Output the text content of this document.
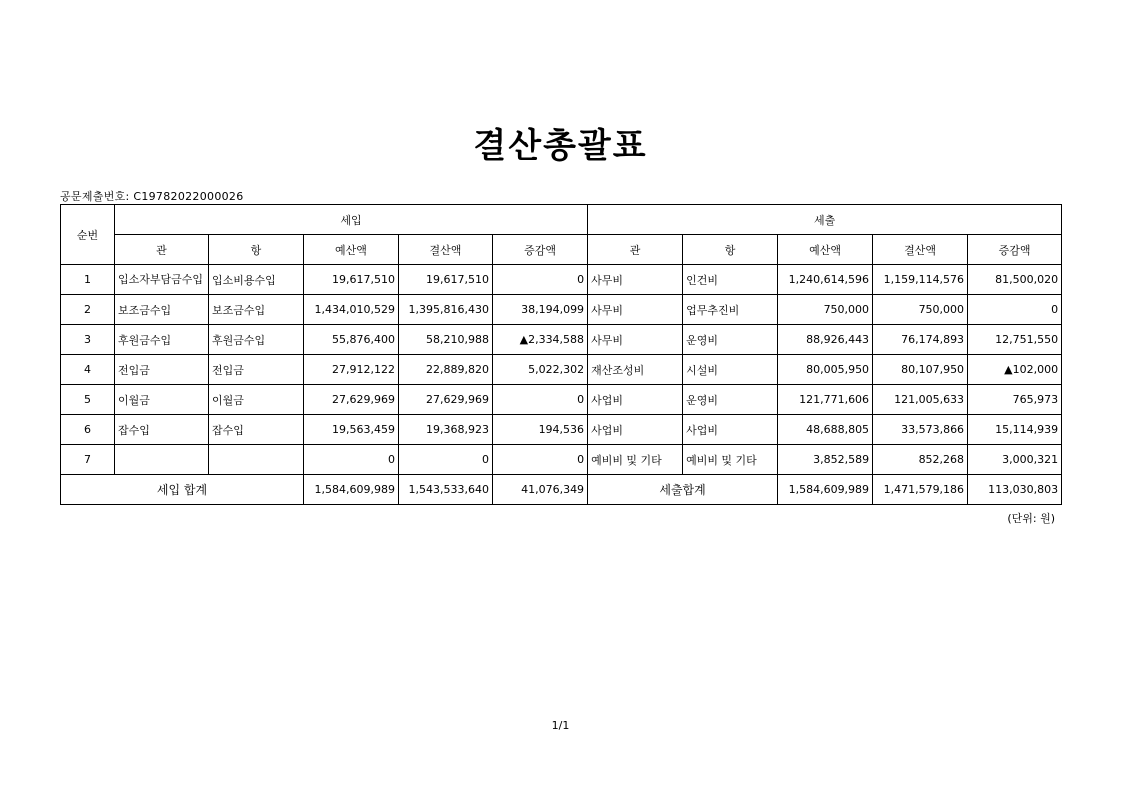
결산총괄표
공문제출번호: C19782022000026
순번	세입					세출				
	관	항	예산액	결산액	증감액	관	항	예산액	결산액	증감액
1	입소자부담금수입	입소비용수입	19,617,510	19,617,510	0	사무비	인건비	1,240,614,596	1,159,114,576	81,500,020
2	보조금수입	보조금수입	1,434,010,529	1,395,816,430	38,194,099	사무비	업무추진비	750,000	750,000	0
3	후원금수입	후원금수입	55,876,400	58,210,988	▲2,334,588	사무비	운영비	88,926,443	76,174,893	12,751,550
4	전입금	전입금	27,912,122	22,889,820	5,022,302	재산조성비	시설비	80,005,950	80,107,950	▲102,000
5	이월금	이월금	27,629,969	27,629,969	0	사업비	운영비	121,771,606	121,005,633	765,973
6	잡수입	잡수입	19,563,459	19,368,923	194,536	사업비	사업비	48,688,805	33,573,866	15,114,939
7			0	0	0	예비비 및 기타	예비비 및 기타	3,852,589	852,268	3,000,321
세입 합계			1,584,609,989	1,543,533,640	41,076,349	세출합계		1,584,609,989	1,471,579,186	113,030,803
(단위: 원)
1/1
